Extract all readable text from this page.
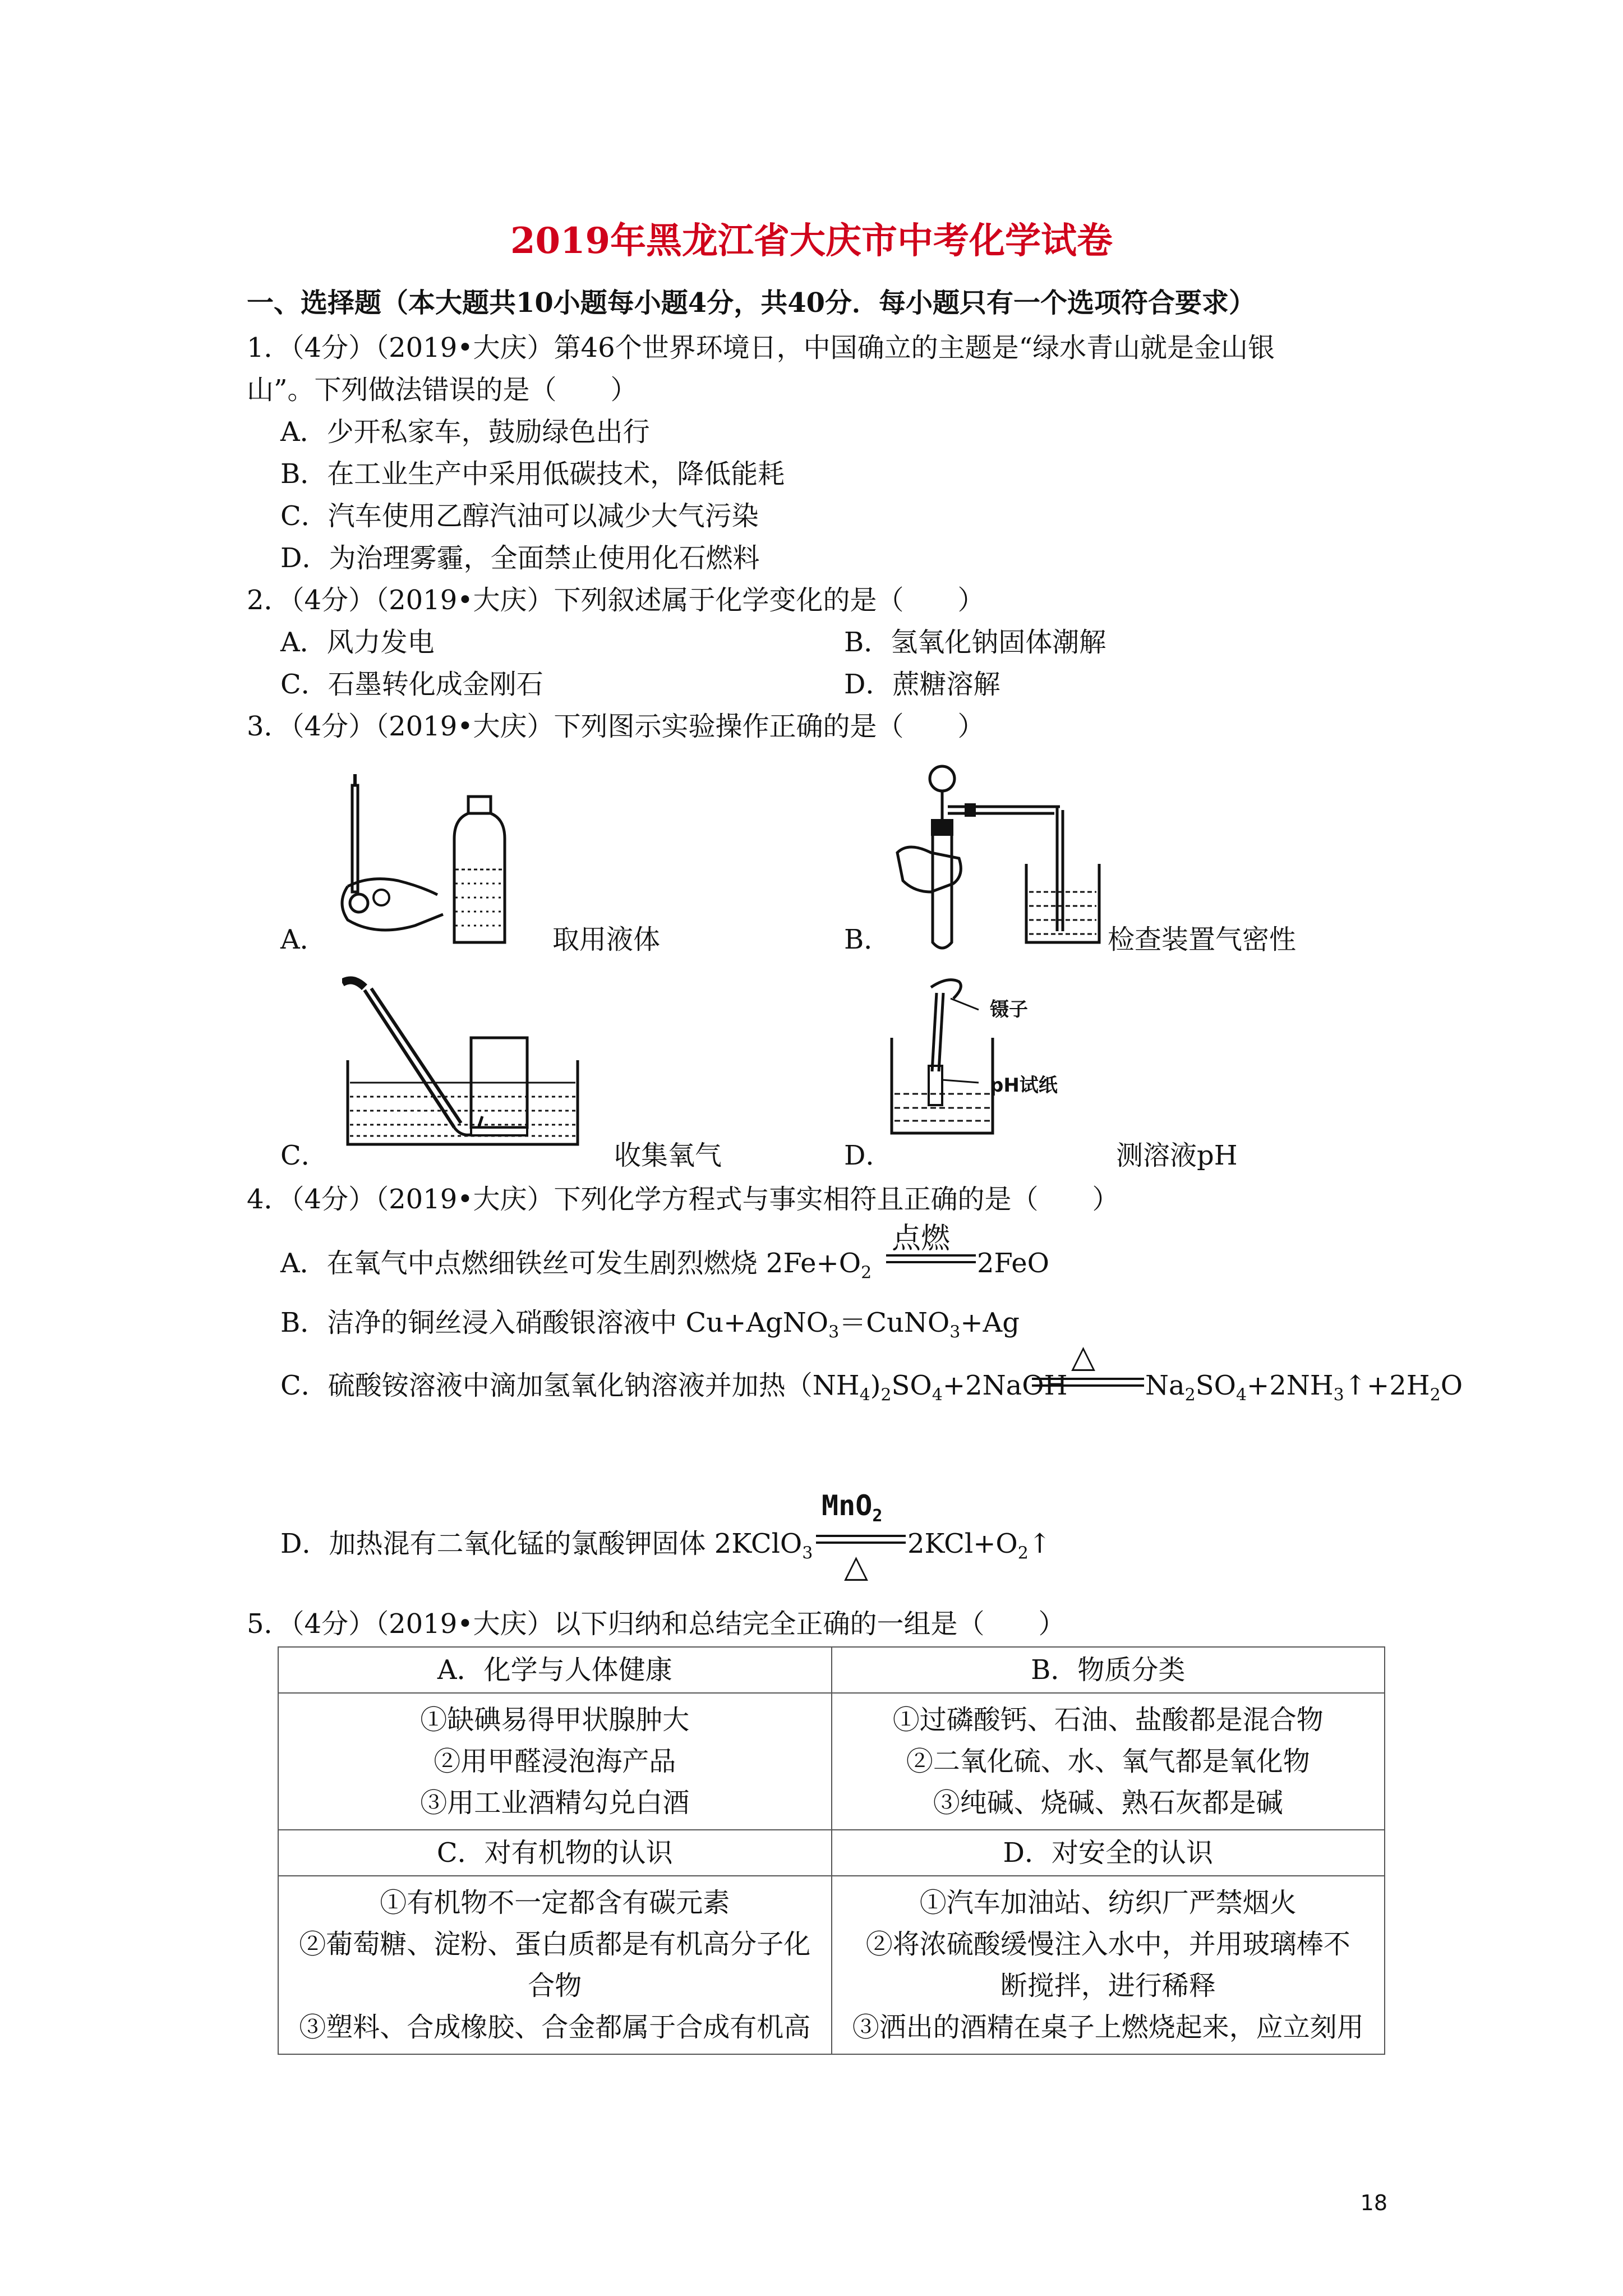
2019年黑龙江省大庆市中考化学试卷
一、选择题（本大题共10小题每小题4分，共40分．每小题只有一个选项符合要求）
1．（4分）（2019•大庆）第46个世界环境日，中国确立的主题是“绿水青山就是金山银
山”。下列做法错误的是（　　）
A．少开私家车，鼓励绿色出行
B．在工业生产中采用低碳技术，降低能耗
C．汽车使用乙醇汽油可以减少大气污染
D．为治理雾霾，全面禁止使用化石燃料
2．（4分）（2019•大庆）下列叙述属于化学变化的是（　　）
A．风力发电	B．氢氧化钠固体潮解
C．石墨转化成金刚石	D．蔗糖溶解
3．（4分）（2019•大庆）下列图示实验操作正确的是（　　）
A．	取用液体	B．	检查装置气密性
C．	收集氧气
镊子
pH试纸
D．	测溶液pH
4．（4分）（2019•大庆）下列化学方程式与事实相符且正确的是（　　）
A．在氧气中点燃细铁丝可发生剧烈燃烧 $2Fe+O_2$
点燃
2FeO
B．洁净的铜丝浸入硝酸银溶液中 Cu+AgNO$_3$＝CuNO$_3$+Ag
C．硫酸铵溶液中滴加氢氧化钠溶液并加热$(NH_4)_2SO_4+2NaOH$
△
$Na_2SO_4+2NH_3↑+2H_2O$
D．加热混有二氧化锰的氯酸钾固体 2KClO$_3$
MnO$_2$
△
$2KCl+O_2↑$
5．（4分）（2019•大庆）以下归纳和总结完全正确的一组是（　　）
A．化学与人体健康	B．物质分类

①缺碘易得甲状腺肿大
②用甲醛浸泡海产品
③用工业酒精勾兑白酒	①过磷酸钙、石油、盐酸都是混合物
②二氧化硫、水、氧气都是氧化物
③纯碱、烧碱、熟石灰都是碱

C．对有机物的认识	D．对安全的认识

①有机物不一定都含有碳元素
②葡萄糖、淀粉、蛋白质都是有机高分子化
合物
③塑料、合成橡胶、合金都属于合成有机高	①汽车加油站、纺织厂严禁烟火
②将浓硫酸缓慢注入水中，并用玻璃棒不
断搅拌，进行稀释
③洒出的酒精在桌子上燃烧起来，应立刻用
18
